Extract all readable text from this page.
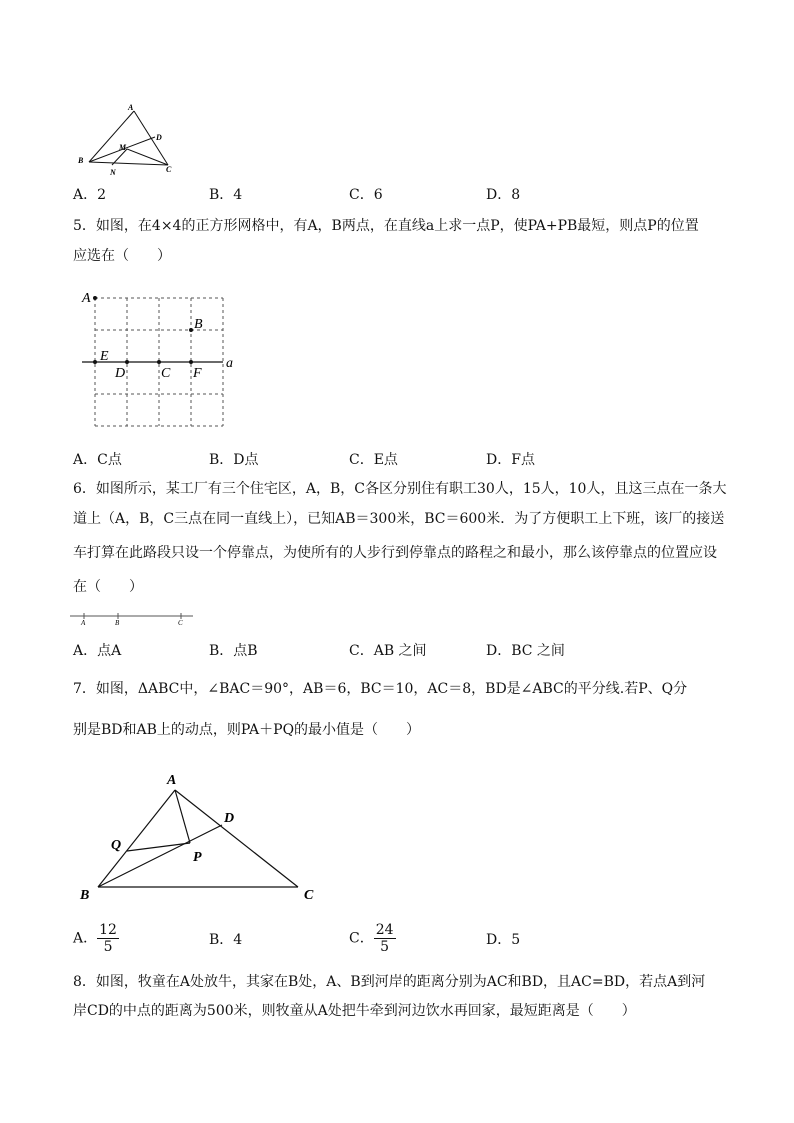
A
B
C
D
M
N
A．2	B．4	C．6	D．8
5．如图，在4×4的正方形网格中，有A，B两点，在直线a上求一点P，使PA+PB最短，则点P的位置
应选在（　　）
A
B
E
D	C F
a
A．C点	B．D点	C．E点	D．F点
6．如图所示，某工厂有三个住宅区，A，B，C各区分别住有职工30人，15人，10人，且这三点在一条大
道上（A，B，C三点在同一直线上），已知AB＝300米，BC＝600米．为了方便职工上下班，该厂的接送
车打算在此路段只设一个停靠点，为使所有的人步行到停靠点的路程之和最小，那么该停靠点的位置应设
在（　　）
A	B	C
A．点A	B．点B	C．AB 之间	D．BC 之间
7．如图，ΔABC中，∠BAC＝90°，AB＝6，BC＝10，AC＝8，BD是∠ABC的平分线.若P、Q分
别是BD和AB上的动点，则PA＋PQ的最小值是（　　）
A
B	C
D
P
Q
A． $\frac{12}{5}$	B．4	C． $\frac{24}{5}$	D．5
8．如图，牧童在A处放牛，其家在B处，A、B到河岸的距离分别为AC和BD，且AC=BD，若点A到河
岸CD的中点的距离为500米，则牧童从A处把牛牵到河边饮水再回家，最短距离是（　　）
